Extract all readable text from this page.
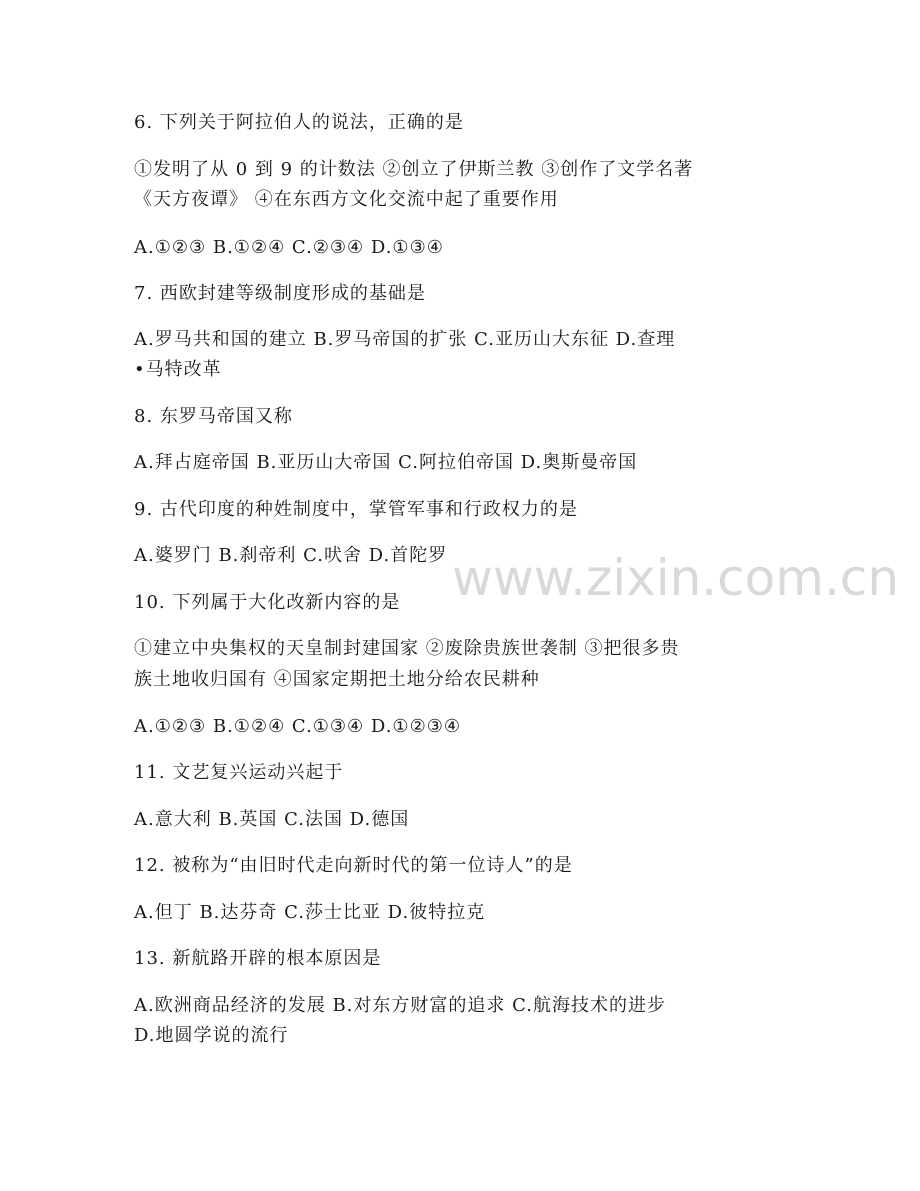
www.zixin.com.cn
6. 下列关于阿拉伯人的说法，正确的是
①发明了从 0 到 9 的计数法 ②创立了伊斯兰教 ③创作了文学名著
《天方夜谭》 ④在东西方文化交流中起了重要作用
A.①②③ B.①②④ C.②③④ D.①③④
7. 西欧封建等级制度形成的基础是
A.罗马共和国的建立 B.罗马帝国的扩张 C.亚历山大东征 D.查理
•马特改革
8. 东罗马帝国又称
A.拜占庭帝国 B.亚历山大帝国 C.阿拉伯帝国 D.奥斯曼帝国
9. 古代印度的种姓制度中，掌管军事和行政权力的是
A.婆罗门 B.刹帝利 C.吠舍 D.首陀罗
10. 下列属于大化改新内容的是
①建立中央集权的天皇制封建国家 ②废除贵族世袭制 ③把很多贵
族土地收归国有 ④国家定期把土地分给农民耕种
A.①②③ B.①②④ C.①③④ D.①②③④
11. 文艺复兴运动兴起于
A.意大利 B.英国 C.法国 D.德国
12. 被称为“由旧时代走向新时代的第一位诗人”的是
A.但丁 B.达芬奇 C.莎士比亚 D.彼特拉克
13. 新航路开辟的根本原因是
A.欧洲商品经济的发展 B.对东方财富的追求 C.航海技术的进步
D.地圆学说的流行
